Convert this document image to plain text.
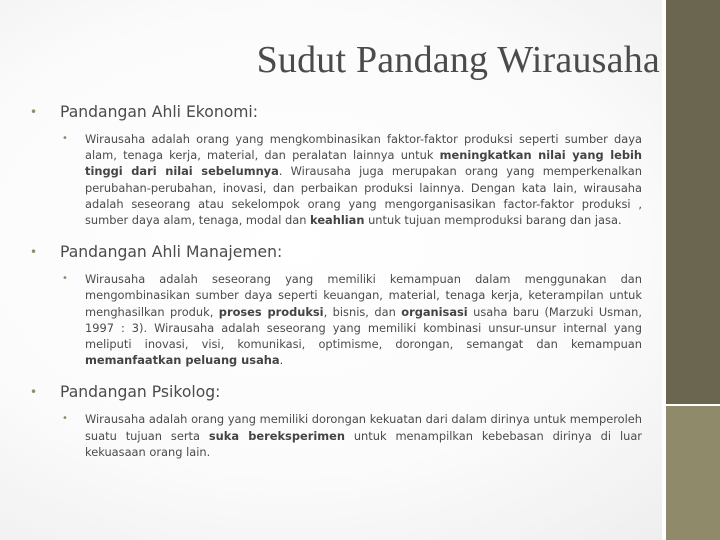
Sudut Pandang Wirausaha
• Pandangan Ahli Ekonomi:
• Wirausaha adalah orang yang mengkombinasikan faktor-faktor produksi seperti sumber daya alam, tenaga kerja, material, dan peralatan lainnya untuk meningkatkan nilai yang lebih tinggi dari nilai sebelumnya. Wirausaha juga merupakan orang yang memperkenalkan perubahan-perubahan, inovasi, dan perbaikan produksi lainnya. Dengan kata lain, wirausaha adalah seseorang atau sekelompok orang yang mengorganisasikan factor-faktor produksi , sumber daya alam, tenaga, modal dan keahlian untuk tujuan memproduksi barang dan jasa.
• Pandangan Ahli Manajemen:
• Wirausaha adalah seseorang yang memiliki kemampuan dalam menggunakan dan mengombinasikan sumber daya seperti keuangan, material, tenaga kerja, keterampilan untuk menghasilkan produk, proses produksi, bisnis, dan organisasi usaha baru (Marzuki Usman, 1997 : 3). Wirausaha adalah seseorang yang memiliki kombinasi unsur-unsur internal yang meliputi inovasi, visi, komunikasi, optimisme, dorongan, semangat dan kemampuan memanfaatkan peluang usaha.
• Pandangan Psikolog:
• Wirausaha adalah orang yang memiliki dorongan kekuatan dari dalam dirinya untuk memperoleh suatu tujuan serta suka bereksperimen untuk menampilkan kebebasan dirinya di luar kekuasaan orang lain.
